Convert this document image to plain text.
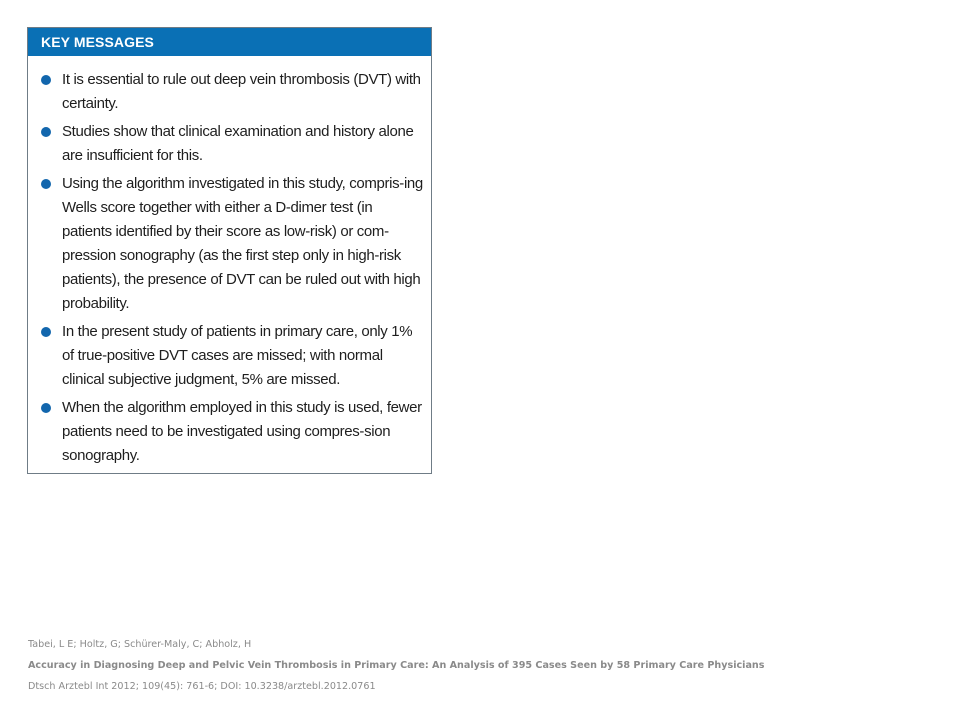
KEY MESSAGES
It is essential to rule out deep vein thrombosis (DVT) with certainty.
Studies show that clinical examination and history alone are insufficient for this.
Using the algorithm investigated in this study, compris-ing Wells score together with either a D-dimer test (in patients identified by their score as low-risk) or com-pression sonography (as the first step only in high-risk patients), the presence of DVT can be ruled out with high probability.
In the present study of patients in primary care, only 1% of true-positive DVT cases are missed; with normal clinical subjective judgment, 5% are missed.
When the algorithm employed in this study is used, fewer patients need to be investigated using compres-sion sonography.
Tabei, L E; Holtz, G; Schürer-Maly, C; Abholz, H
Accuracy in Diagnosing Deep and Pelvic Vein Thrombosis in Primary Care: An Analysis of 395 Cases Seen by 58 Primary Care Physicians
Dtsch Arztebl Int 2012; 109(45): 761-6; DOI: 10.3238/arztebl.2012.0761
